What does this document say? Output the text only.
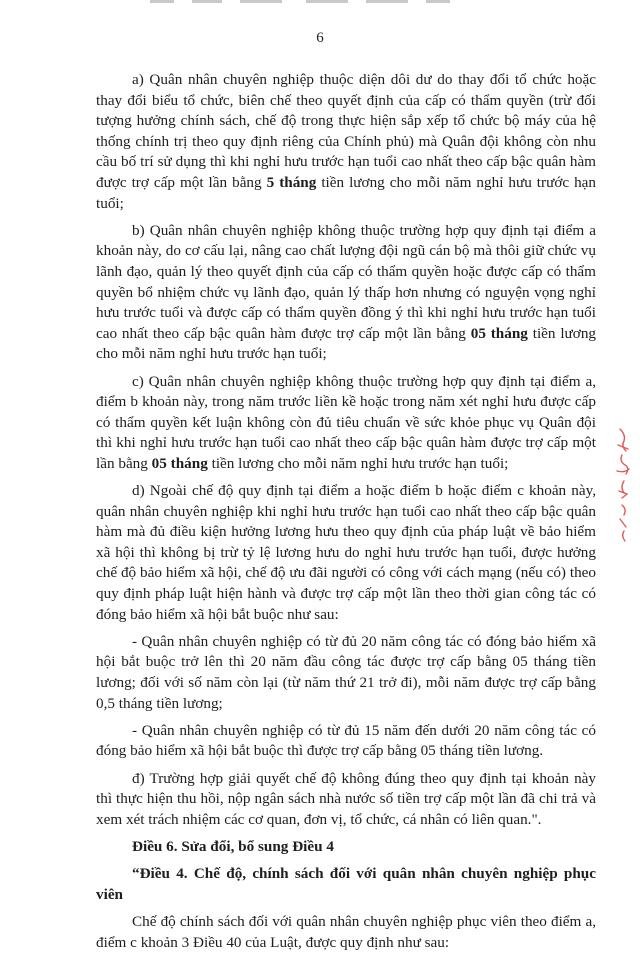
6

a) Quân nhân chuyên nghiệp thuộc diện dôi dư do thay đổi tổ chức hoặc thay đổi biểu tổ chức, biên chế theo quyết định của cấp có thẩm quyền (trừ đối tượng hưởng chính sách, chế độ trong thực hiện sắp xếp tổ chức bộ máy của hệ thống chính trị theo quy định riêng của Chính phủ) mà Quân đội không còn nhu cầu bố trí sử dụng thì khi nghỉ hưu trước hạn tuổi cao nhất theo cấp bậc quân hàm được trợ cấp một lần bằng 5 tháng tiền lương cho mỗi năm nghỉ hưu trước hạn tuổi;

b) Quân nhân chuyên nghiệp không thuộc trường hợp quy định tại điểm a khoản này, do cơ cấu lại, nâng cao chất lượng đội ngũ cán bộ mà thôi giữ chức vụ lãnh đạo, quản lý theo quyết định của cấp có thẩm quyền hoặc được cấp có thẩm quyền bổ nhiệm chức vụ lãnh đạo, quản lý thấp hơn nhưng có nguyện vọng nghỉ hưu trước tuổi và được cấp có thẩm quyền đồng ý thì khi nghỉ hưu trước hạn tuổi cao nhất theo cấp bậc quân hàm được trợ cấp một lần bằng 05 tháng tiền lương cho mỗi năm nghỉ hưu trước hạn tuổi;

c) Quân nhân chuyên nghiệp không thuộc trường hợp quy định tại điểm a, điểm b khoản này, trong năm trước liền kề hoặc trong năm xét nghỉ hưu được cấp có thẩm quyền kết luận không còn đủ tiêu chuẩn về sức khỏe phục vụ Quân đội thì khi nghỉ hưu trước hạn tuổi cao nhất theo cấp bậc quân hàm được trợ cấp một lần bằng 05 tháng tiền lương cho mỗi năm nghỉ hưu trước hạn tuổi;

d) Ngoài chế độ quy định tại điểm a hoặc điểm b hoặc điểm c khoản này, quân nhân chuyên nghiệp khi nghỉ hưu trước hạn tuổi cao nhất theo cấp bậc quân hàm mà đủ điều kiện hưởng lương hưu theo quy định của pháp luật về bảo hiểm xã hội thì không bị trừ tỷ lệ lương hưu do nghỉ hưu trước hạn tuổi, được hưởng chế độ bảo hiểm xã hội, chế độ ưu đãi người có công với cách mạng (nếu có) theo quy định pháp luật hiện hành và được trợ cấp một lần theo thời gian công tác có đóng bảo hiểm xã hội bắt buộc như sau:

- Quân nhân chuyên nghiệp có từ đủ 20 năm công tác có đóng bảo hiểm xã hội bắt buộc trở lên thì 20 năm đầu công tác được trợ cấp bằng 05 tháng tiền lương; đối với số năm còn lại (từ năm thứ 21 trở đi), mỗi năm được trợ cấp bằng 0,5 tháng tiền lương;

- Quân nhân chuyên nghiệp có từ đủ 15 năm đến dưới 20 năm công tác có đóng bảo hiểm xã hội bắt buộc thì được trợ cấp bằng 05 tháng tiền lương.

đ) Trường hợp giải quyết chế độ không đúng theo quy định tại khoản này thì thực hiện thu hồi, nộp ngân sách nhà nước số tiền trợ cấp một lần đã chi trả và xem xét trách nhiệm các cơ quan, đơn vị, tổ chức, cá nhân có liên quan.".

Điều 6. Sửa đổi, bổ sung Điều 4

“Điều 4. Chế độ, chính sách đối với quân nhân chuyên nghiệp phục viên

Chế độ chính sách đối với quân nhân chuyên nghiệp phục viên theo điểm a, điểm c khoản 3 Điều 40 của Luật, được quy định như sau:
